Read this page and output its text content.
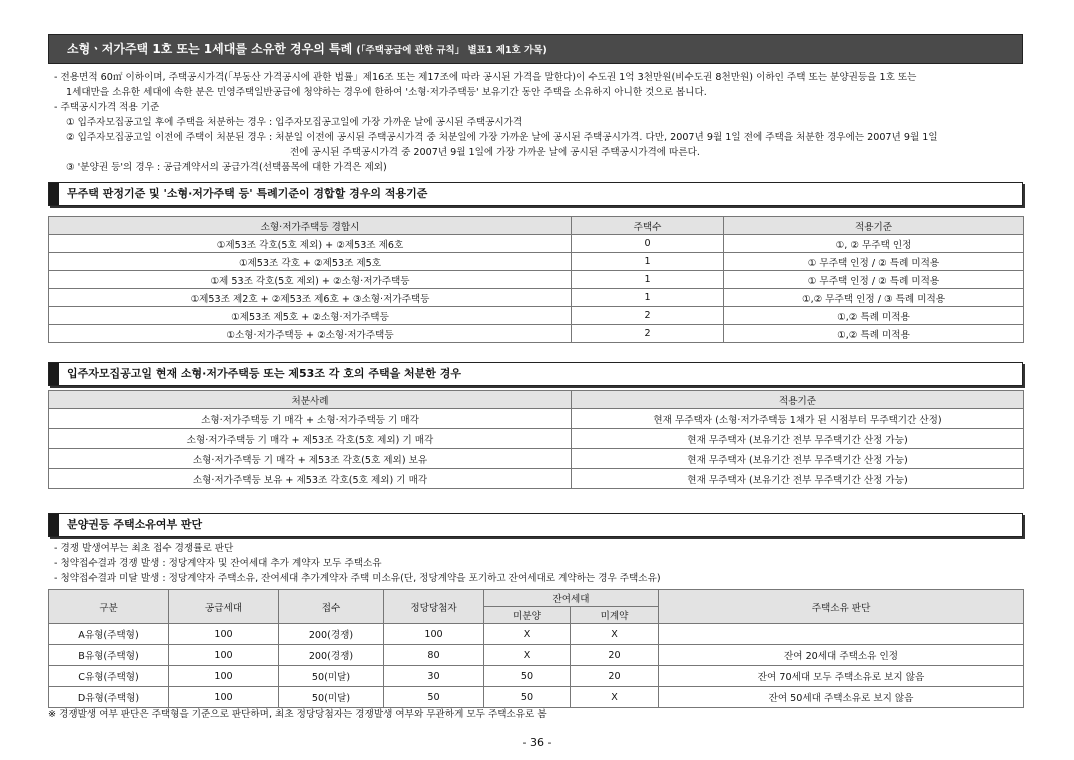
소형ㆍ저가주택 1호 또는 1세대를 소유한 경우의 특례 (「주택공급에 관한 규칙」 별표1 제1호 가목)
- 전용면적 60㎡ 이하이며, 주택공시가격(「부동산 가격공시에 관한 법률」제16조 또는 제17조에 따라 공시된 가격을 말한다)이 수도권 1억 3천만원(비수도권 8천만원) 이하인 주택 또는 분양권등을 1호 또는
1세대만을 소유한 세대에 속한 분은 민영주택일반공급에 청약하는 경우에 한하여 '소형·저가주택등' 보유기간 동안 주택을 소유하지 아니한 것으로 봅니다.
- 주택공시가격 적용 기준
① 입주자모집공고일 후에 주택을 처분하는 경우 : 입주자모집공고일에 가장 가까운 날에 공시된 주택공시가격
② 입주자모집공고일 이전에 주택이 처분된 경우 : 처분일 이전에 공시된 주택공시가격 중 처분일에 가장 가까운 날에 공시된 주택공시가격. 다만, 2007년 9월 1일 전에 주택을 처분한 경우에는 2007년 9월 1일
전에 공시된 주택공시가격 중 2007년 9월 1일에 가장 가까운 날에 공시된 주택공시가격에 따른다.
③ '분양권 등'의 경우 : 공급계약서의 공급가격(선택품목에 대한 가격은 제외)
무주택 판정기준 및 '소형·저가주택 등' 특례기준이 경합할 경우의 적용기준
소형·저가주택등 경합시	주택수	적용기준
①제53조 각호(5호 제외) + ②제53조 제6호	0	①, ② 무주택 인정
①제53조 각호 + ②제53조 제5호	1	① 무주택 인정 / ② 특례 미적용
①제 53조 각호(5호 제외) + ②소형·저가주택등	1	① 무주택 인정 / ② 특례 미적용
①제53조 제2호 + ②제53조 제6호 + ③소형·저가주택등	1	①,② 무주택 인정 / ③ 특례 미적용
①제53조 제5호 + ②소형·저가주택등	2	①,② 특례 미적용
①소형·저가주택등 + ②소형·저가주택등	2	①,② 특례 미적용
입주자모집공고일 현재 소형·저가주택등 또는 제53조 각 호의 주택을 처분한 경우
처분사례	적용기준
소형·저가주택등 기 매각 + 소형·저가주택등 기 매각	현재 무주택자 (소형·저가주택등 1채가 된 시점부터 무주택기간 산정)
소형·저가주택등 기 매각 + 제53조 각호(5호 제외) 기 매각	현재 무주택자 (보유기간 전부 무주택기간 산정 가능)
소형·저가주택등 기 매각 + 제53조 각호(5호 제외) 보유	현재 무주택자 (보유기간 전부 무주택기간 산정 가능)
소형·저가주택등 보유 + 제53조 각호(5호 제외) 기 매각	현재 무주택자 (보유기간 전부 무주택기간 산정 가능)
분양권등 주택소유여부 판단
- 경쟁 발생여부는 최초 접수 경쟁률로 판단
- 청약접수결과 경쟁 발생 : 정당계약자 및 잔여세대 추가 계약자 모두 주택소유
- 청약접수결과 미달 발생 : 정당계약자 주택소유, 잔여세대 추가계약자 주택 미소유(단, 정당계약을 포기하고 잔여세대로 계약하는 경우 주택소유)
구분	공급세대	접수	정당당첨자	잔여세대		주택소유 판단
				미분양	미계약	
A유형(주택형)	100	200(경쟁)	100	X	X	
B유형(주택형)	100	200(경쟁)	80	X	20	잔여 20세대 주택소유 인정
C유형(주택형)	100	50(미달)	30	50	20	잔여 70세대 모두 주택소유로 보지 않음
D유형(주택형)	100	50(미달)	50	50	X	잔여 50세대 주택소유로 보지 않음
※ 경쟁발생 여부 판단은 주택형을 기준으로 판단하며, 최초 정당당첨자는 경쟁발생 여부와 무관하게 모두 주택소유로 봄
- 36 -
